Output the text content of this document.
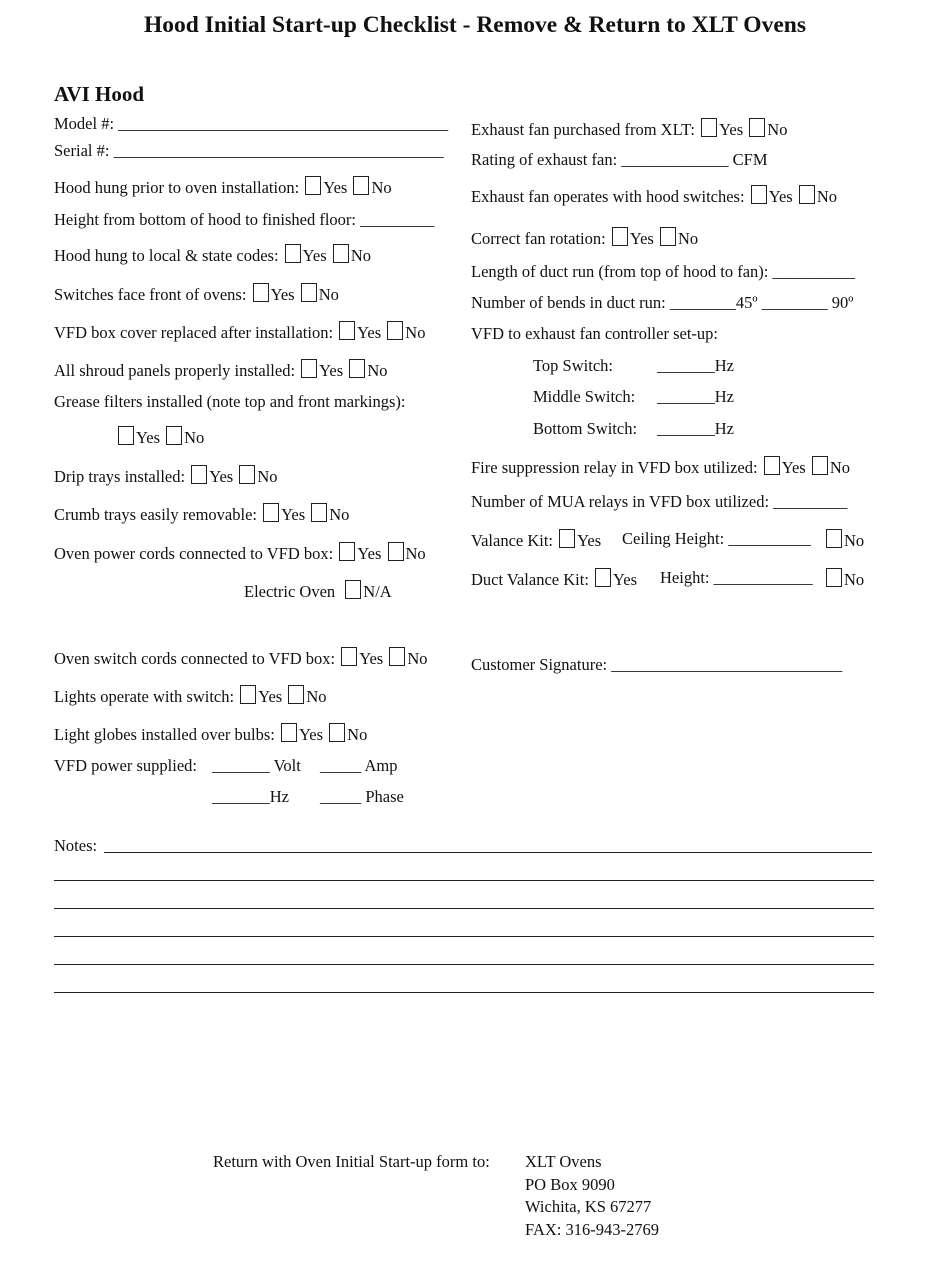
Hood Initial Start-up Checklist - Remove & Return to XLT Ovens
AVI Hood
Model #: ________________________________________
Serial #: ________________________________________
Hood hung prior to oven installation: Yes No
Height from bottom of hood to finished floor: _________
Hood hung to local & state codes: Yes No
Switches face front of ovens: Yes No
VFD box cover replaced after installation: Yes No
All shroud panels properly installed: Yes No
Grease filters installed (note top and front markings):
Yes No
Drip trays installed: Yes No
Crumb trays easily removable: Yes No
Oven power cords connected to VFD box: Yes No
Electric Oven N/A
Oven switch cords connected to VFD box: Yes No
Lights operate with switch: Yes No
Light globes installed over bulbs: Yes No
VFD power supplied: _______ Volt _____ Amp
_______Hz _____ Phase
Exhaust fan purchased from XLT: Yes No
Rating of exhaust fan: _____________ CFM
Exhaust fan operates with hood switches: Yes No
Correct fan rotation: Yes No
Length of duct run (from top of hood to fan): __________
Number of bends in duct run: ________45º ________ 90º
VFD to exhaust fan controller set-up:
Top Switch:	_______Hz
Middle Switch: _______Hz
Bottom Switch: _______Hz
Fire suppression relay in VFD box utilized: Yes No
Number of MUA relays in VFD box utilized: _________
Valance Kit: Yes Ceiling Height: __________	No
Duct Valance Kit: Yes Height: ____________	No
Customer Signature: ____________________________
Notes:
Return with Oven Initial Start-up form to: XLT Ovens
PO Box 9090
Wichita, KS 67277
FAX: 316-943-2769
